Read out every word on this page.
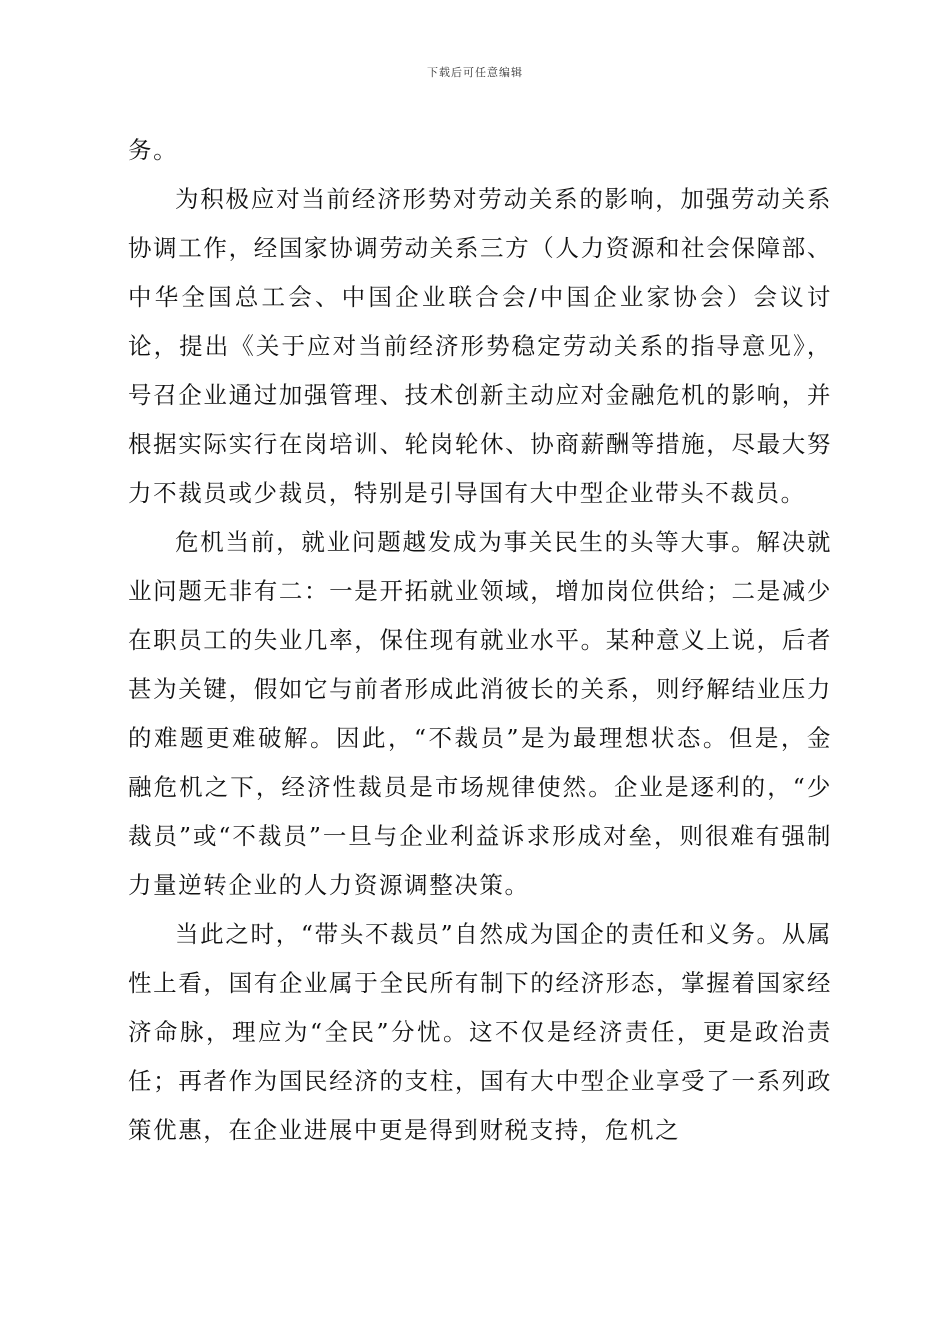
下载后可任意编辑

务。

为积极应对当前经济形势对劳动关系的影响，加强劳动关系协调工作，经国家协调劳动关系三方（人力资源和社会保障部、中华全国总工会、中国企业联合会/中国企业家协会）会议讨论，提出《关于应对当前经济形势稳定劳动关系的指导意见》，号召企业通过加强管理、技术创新主动应对金融危机的影响，并根据实际实行在岗培训、轮岗轮休、协商薪酬等措施，尽最大努力不裁员或少裁员，特别是引导国有大中型企业带头不裁员。

危机当前，就业问题越发成为事关民生的头等大事。解决就业问题无非有二：一是开拓就业领域，增加岗位供给；二是减少在职员工的失业几率，保住现有就业水平。某种意义上说，后者甚为关键，假如它与前者形成此消彼长的关系，则纾解结业压力的难题更难破解。因此，“不裁员”是为最理想状态。但是，金融危机之下，经济性裁员是市场规律使然。企业是逐利的，“少裁员”或“不裁员”一旦与企业利益诉求形成对垒，则很难有强制力量逆转企业的人力资源调整决策。

当此之时，“带头不裁员”自然成为国企的责任和义务。从属性上看，国有企业属于全民所有制下的经济形态，掌握着国家经济命脉，理应为“全民”分忧。这不仅是经济责任，更是政治责任；再者作为国民经济的支柱，国有大中型企业享受了一系列政策优惠，在企业进展中更是得到财税支持，危机之
